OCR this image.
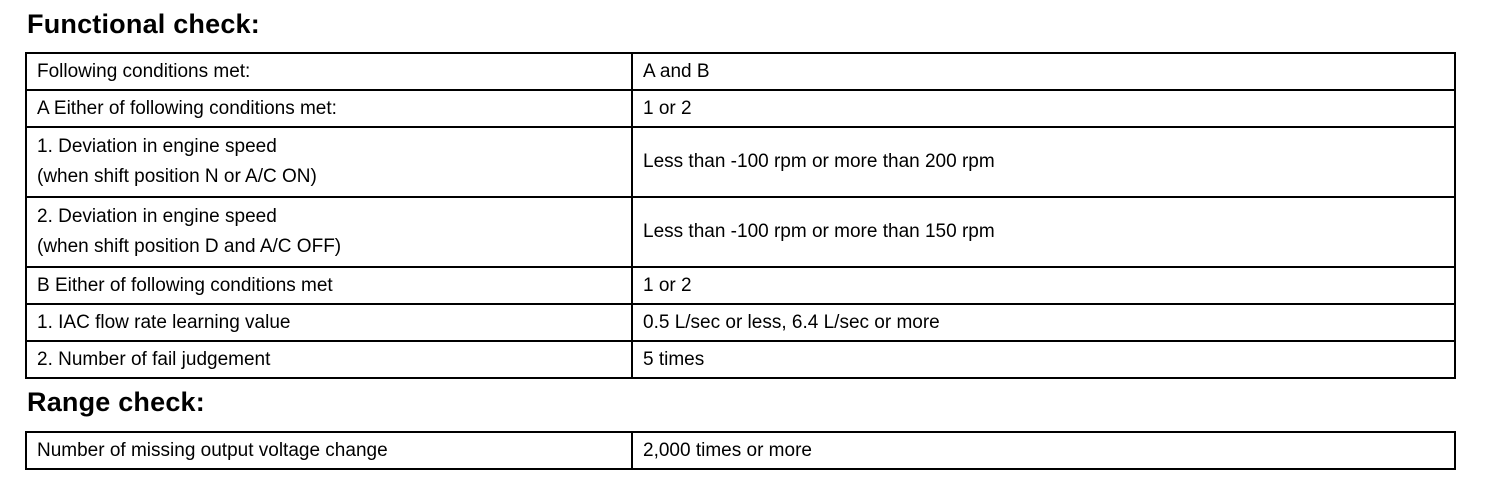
Functional check:
Following conditions met:	A and B

A Either of following conditions met:	1 or 2

1. Deviation in engine speed
(when shift position N or A/C ON)	Less than -100 rpm or more than 200 rpm

2. Deviation in engine speed
(when shift position D and A/C OFF)	Less than -100 rpm or more than 150 rpm

B Either of following conditions met	1 or 2

1. IAC flow rate learning value	0.5 L/sec or less, 6.4 L/sec or more

2. Number of fail judgement	5 times
Range check:
Number of missing output voltage change	2,000 times or more
